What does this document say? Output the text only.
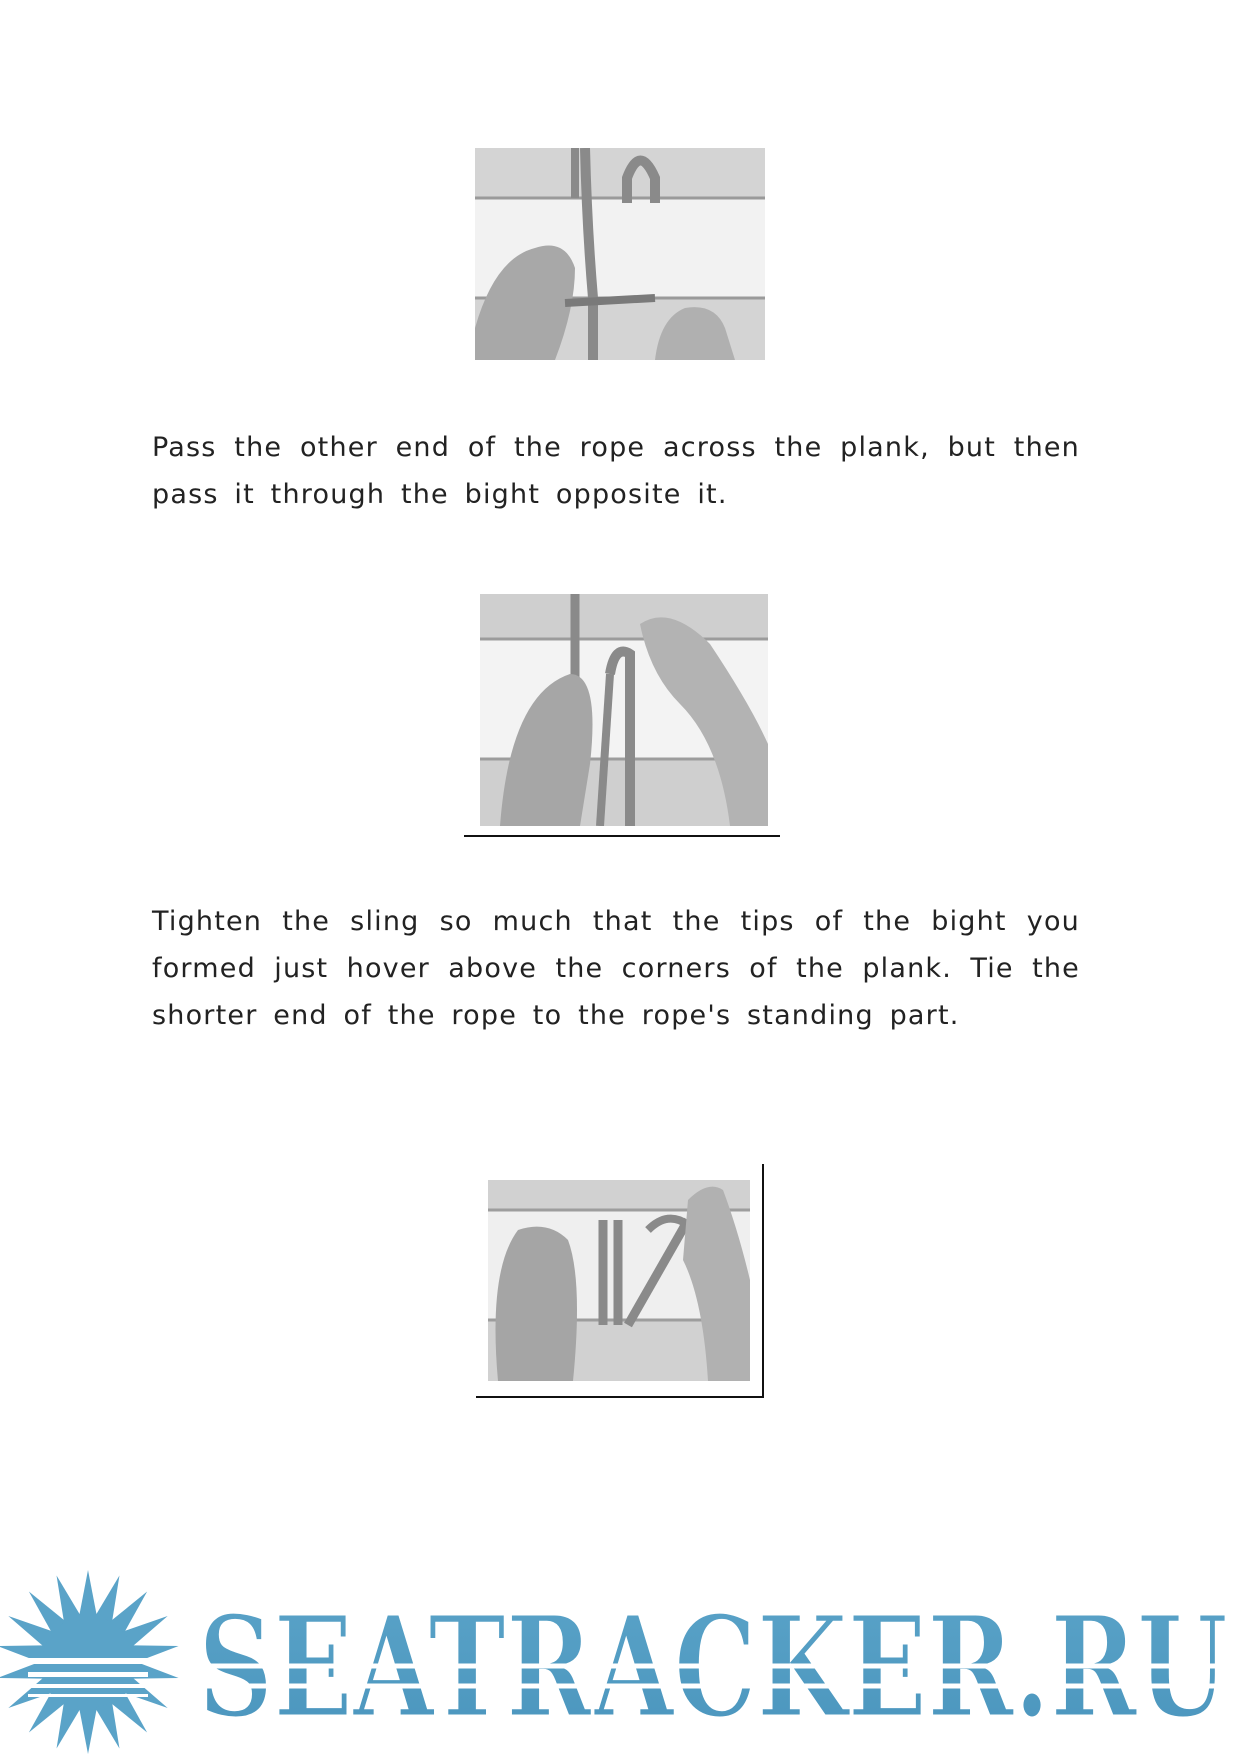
Pass the other end of the rope across the plank, but then pass it through the bight opposite it.

Tighten the sling so much that the tips of the bight you formed just hover above the corners of the plank. Tie the shorter end of the rope to the rope's standing part.

SEATRACKER.RU
